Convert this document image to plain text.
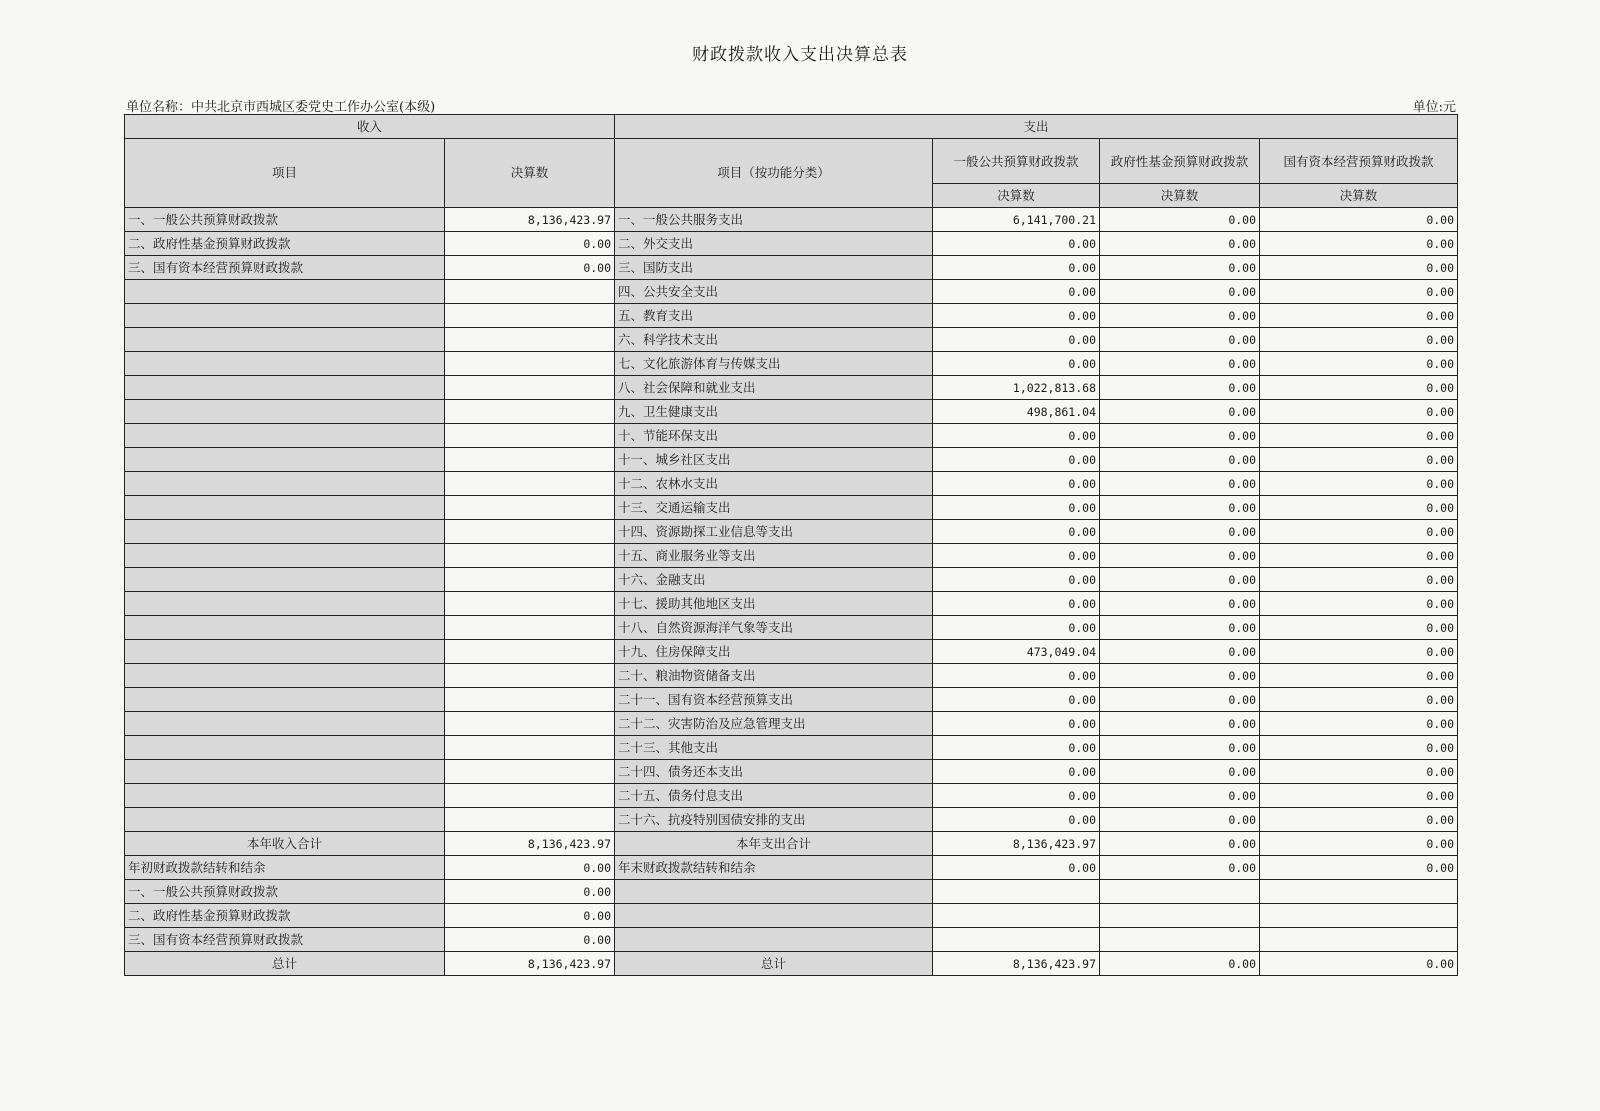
财政拨款收入支出决算总表
单位名称：中共北京市西城区委党史工作办公室(本级)	单位:元
收入		支出			
项目	决算数	项目（按功能分类）	一般公共预算财政拨款	政府性基金预算财政拨款	国有资本经营预算财政拨款
			决算数	决算数	决算数
一、一般公共预算财政拨款	8,136,423.97	一、一般公共服务支出	6,141,700.21	0.00	0.00
二、政府性基金预算财政拨款	0.00	二、外交支出	0.00	0.00	0.00
三、国有资本经营预算财政拨款	0.00	三、国防支出	0.00	0.00	0.00
		四、公共安全支出	0.00	0.00	0.00
		五、教育支出	0.00	0.00	0.00
		六、科学技术支出	0.00	0.00	0.00
		七、文化旅游体育与传媒支出	0.00	0.00	0.00
		八、社会保障和就业支出	1,022,813.68	0.00	0.00
		九、卫生健康支出	498,861.04	0.00	0.00
		十、节能环保支出	0.00	0.00	0.00
		十一、城乡社区支出	0.00	0.00	0.00
		十二、农林水支出	0.00	0.00	0.00
		十三、交通运输支出	0.00	0.00	0.00
		十四、资源勘探工业信息等支出	0.00	0.00	0.00
		十五、商业服务业等支出	0.00	0.00	0.00
		十六、金融支出	0.00	0.00	0.00
		十七、援助其他地区支出	0.00	0.00	0.00
		十八、自然资源海洋气象等支出	0.00	0.00	0.00
		十九、住房保障支出	473,049.04	0.00	0.00
		二十、粮油物资储备支出	0.00	0.00	0.00
		二十一、国有资本经营预算支出	0.00	0.00	0.00
		二十二、灾害防治及应急管理支出	0.00	0.00	0.00
		二十三、其他支出	0.00	0.00	0.00
		二十四、债务还本支出	0.00	0.00	0.00
		二十五、债务付息支出	0.00	0.00	0.00
		二十六、抗疫特别国债安排的支出	0.00	0.00	0.00
本年收入合计	8,136,423.97	本年支出合计	8,136,423.97	0.00	0.00
年初财政拨款结转和结余	0.00	年末财政拨款结转和结余	0.00	0.00	0.00
一、一般公共预算财政拨款	0.00				
二、政府性基金预算财政拨款	0.00				
三、国有资本经营预算财政拨款	0.00				
总计	8,136,423.97	总计	8,136,423.97	0.00	0.00
